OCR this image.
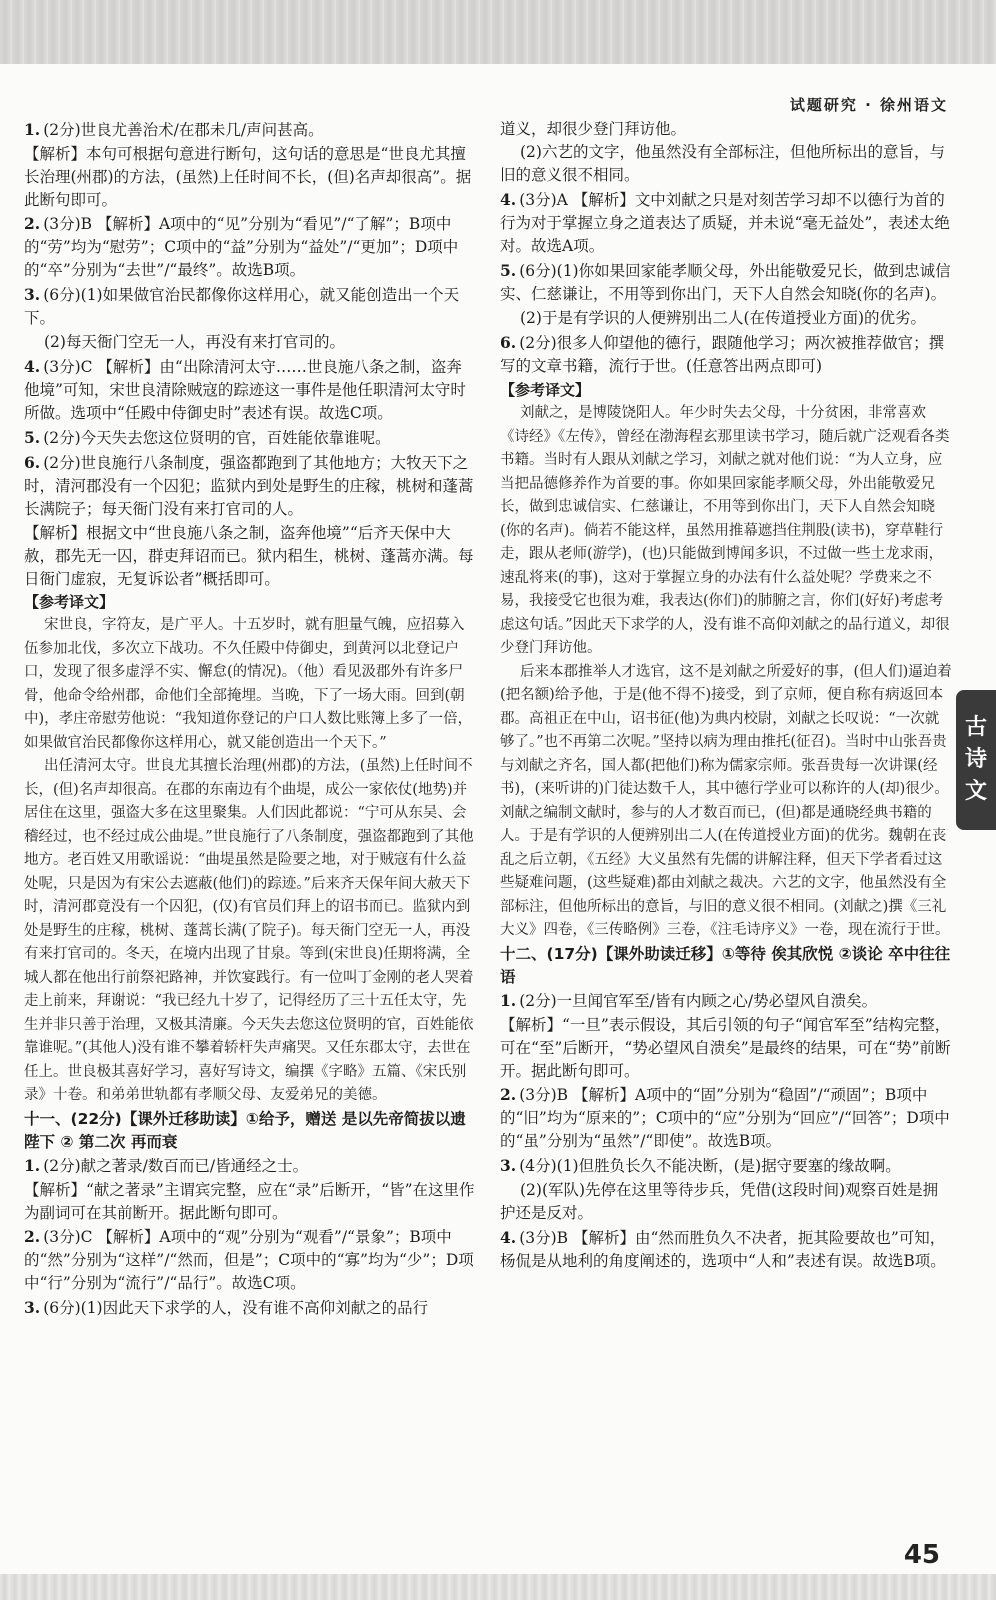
试题研究 · 徐州语文
1. (2分)世良尤善治术/在郡未几/声问甚高。
【解析】本句可根据句意进行断句，这句话的意思是“世良尤其擅长治理(州郡)的方法，(虽然)上任时间不长，(但)名声却很高”。据此断句即可。
2. (3分)B 【解析】A项中的“见”分别为“看见”/“了解”；B项中的“劳”均为“慰劳”；C项中的“益”分别为“益处”/“更加”；D项中的“卒”分别为“去世”/“最终”。故选B项。
3. (6分)(1)如果做官治民都像你这样用心，就又能创造出一个天下。
(2)每天衙门空无一人，再没有来打官司的。
4. (3分)C 【解析】由“出除清河太守……世良施八条之制，盗奔他境”可知，宋世良清除贼寇的踪迹这一事件是他任职清河太守时所做。选项中“任殿中侍御史时”表述有误。故选C项。
5. (2分)今天失去您这位贤明的官，百姓能依靠谁呢。
6. (2分)世良施行八条制度，强盗都跑到了其他地方；大牧天下之时，清河郡没有一个囚犯；监狱内到处是野生的庄稼，桃树和蓬蒿长满院子；每天衙门没有来打官司的人。
【解析】根据文中“世良施八条之制，盗奔他境”“后齐天保中大赦，郡先无一囚，群吏拜诏而已。狱内稆生，桃树、蓬蒿亦满。每日衙门虚寂，无复诉讼者”概括即可。
【参考译文】
宋世良，字符友，是广平人。十五岁时，就有胆量气魄，应招募入伍参加北伐，多次立下战功。不久任殿中侍御史，到黄河以北登记户口，发现了很多虚浮不实、懈怠(的情况)。（他）看见汲郡外有许多尸骨，他命令给州郡，命他们全部掩埋。当晚，下了一场大雨。回到(朝中)，孝庄帝慰劳他说：“我知道你登记的户口人数比账簿上多了一倍，如果做官治民都像你这样用心，就又能创造出一个天下。”
出任清河太守。世良尤其擅长治理(州郡)的方法，(虽然)上任时间不长，(但)名声却很高。在郡的东南边有个曲堤，成公一家依仗(地势)并居住在这里，强盗大多在这里聚集。人们因此都说：“宁可从东吴、会稽经过，也不经过成公曲堤。”世良施行了八条制度，强盗都跑到了其他地方。老百姓又用歌谣说：“曲堤虽然是险要之地，对于贼寇有什么益处呢，只是因为有宋公去遮蔽(他们)的踪迹。”后来齐天保年间大赦天下时，清河郡竟没有一个囚犯，(仅)有官员们拜上的诏书而已。监狱内到处是野生的庄稼，桃树、蓬蒿长满(了院子)。每天衙门空无一人，再没有来打官司的。冬天，在境内出现了甘泉。等到(宋世良)任期将满，全城人都在他出行前祭祀路神，并饮宴践行。有一位叫丁金刚的老人哭着走上前来，拜谢说：“我已经九十岁了，记得经历了三十五任太守，先生并非只善于治理，又极其清廉。今天失去您这位贤明的官，百姓能依靠谁呢。”(其他人)没有谁不攀着轿杆失声痛哭。又任东郡太守，去世在任上。世良极其喜好学习，喜好写诗文，编撰《字略》五篇、《宋氏别录》十卷。和弟弟世轨都有孝顺父母、友爱弟兄的美德。
十一、(22分)【课外迁移助读】①给予，赠送 是以先帝简拔以遗陛下 ② 第二次 再而衰
1. (2分)献之著录/数百而已/皆通经之士。
【解析】“献之著录”主谓宾完整，应在“录”后断开，“皆”在这里作为副词可在其前断开。据此断句即可。
2. (3分)C 【解析】A项中的“观”分别为“观看”/“景象”；B项中的“然”分别为“这样”/“然而，但是”；C项中的“寡”均为“少”；D项中“行”分别为“流行”/“品行”。故选C项。
3. (6分)(1)因此天下求学的人，没有谁不高仰刘献之的品行
道义，却很少登门拜访他。
(2)六艺的文字，他虽然没有全部标注，但他所标出的意旨，与旧的意义很不相同。
4. (3分)A 【解析】文中刘献之只是对刻苦学习却不以德行为首的行为对于掌握立身之道表达了质疑，并未说“毫无益处”，表述太绝对。故选A项。
5. (6分)(1)你如果回家能孝顺父母，外出能敬爱兄长，做到忠诚信实、仁慈谦让，不用等到你出门，天下人自然会知晓(你的名声)。
(2)于是有学识的人便辨别出二人(在传道授业方面)的优劣。
6. (2分)很多人仰望他的德行，跟随他学习；两次被推荐做官；撰写的文章书籍，流行于世。(任意答出两点即可)
【参考译文】
刘献之，是博陵饶阳人。年少时失去父母，十分贫困，非常喜欢《诗经》《左传》，曾经在渤海程玄那里读书学习，随后就广泛观看各类书籍。当时有人跟从刘献之学习，刘献之就对他们说：“为人立身，应当把品德修养作为首要的事。你如果回家能孝顺父母，外出能敬爱兄长，做到忠诚信实、仁慈谦让，不用等到你出门，天下人自然会知晓(你的名声)。倘若不能这样，虽然用推幕遮挡住荆股(读书)，穿草鞋行走，跟从老师(游学)，(也)只能做到博闻多识，不过做一些土龙求雨，速乱将来(的事)，这对于掌握立身的办法有什么益处呢？学费来之不易，我接受它也很为难，我表达(你们)的肺腑之言，你们(好好)考虑考虑这句话。”因此天下求学的人，没有谁不高仰刘献之的品行道义，却很少登门拜访他。
后来本郡推举人才选官，这不是刘献之所爱好的事，(但人们)逼迫着(把名额)给予他，于是(他不得不)接受，到了京师，便自称有病返回本郡。高祖正在中山，诏书征(他)为典内校尉，刘献之长叹说：“一次就够了。”也不再第二次呢。”坚持以病为理由推托(征召)。当时中山张吾贵与刘献之齐名，国人都(把他们)称为儒家宗师。张吾贵每一次讲课(经书)，(来听讲的)门徒达数千人，其中德行学业可以称许的人(却)很少。刘献之编制文献时，参与的人才数百而已，(但)都是通晓经典书籍的人。于是有学识的人便辨别出二人(在传道授业方面)的优劣。魏朝在丧乱之后立朝，《五经》大义虽然有先儒的讲解注释，但天下学者看过这些疑难问题，(这些疑难)都由刘献之裁决。六艺的文字，他虽然没有全部标注，但他所标出的意旨，与旧的意义很不相同。(刘献之)撰《三礼大义》四卷，《三传略例》三卷，《注毛诗序义》一卷，现在流行于世。
十二、(17分)【课外助读迁移】①等待 俟其欣悦 ②谈论 卒中往往语
1. (2分)一旦闻官军至/皆有内顾之心/势必望风自溃矣。
【解析】“一旦”表示假设，其后引领的句子“闻官军至”结构完整，可在“至”后断开，“势必望风自溃矣”是最终的结果，可在“势”前断开。据此断句即可。
2. (3分)B 【解析】A项中的“固”分别为“稳固”/“顽固”；B项中的“旧”均为“原来的”；C项中的“应”分别为“回应”/“回答”；D项中的“虽”分别为“虽然”/“即使”。故选B项。
3. (4分)(1)但胜负长久不能决断，(是)据守要塞的缘故啊。
(2)(军队)先停在这里等待步兵，凭借(这段时间)观察百姓是拥护还是反对。
4. (3分)B 【解析】由“然而胜负久不决者，扼其险要故也”可知，杨侃是从地利的角度阐述的，选项中“人和”表述有误。故选B项。
古
诗
文
45
